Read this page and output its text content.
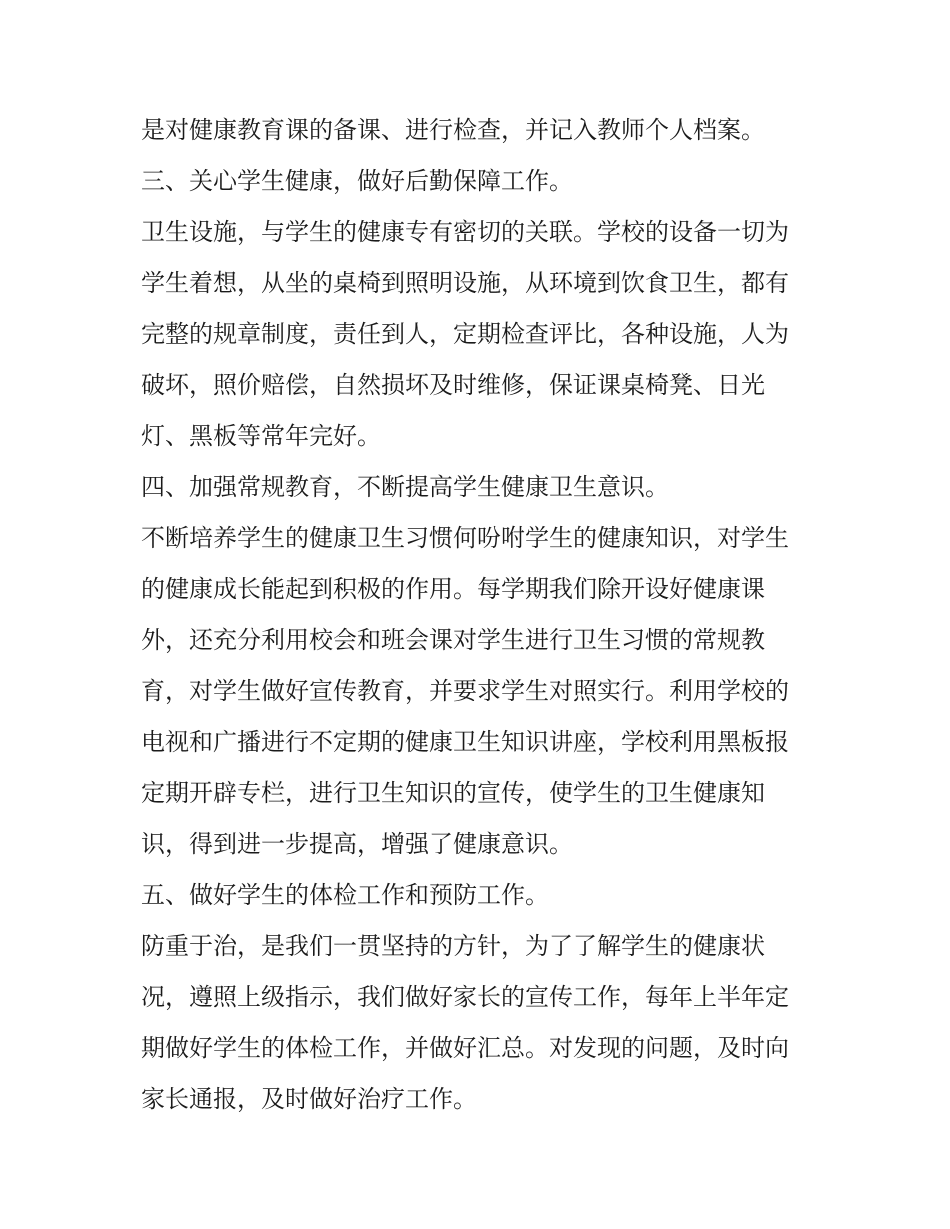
是对健康教育课的备课、进行检查，并记入教师个人档案。
三、关心学生健康，做好后勤保障工作。
卫生设施，与学生的健康专有密切的关联。学校的设备一切为
学生着想，从坐的桌椅到照明设施，从环境到饮食卫生，都有
完整的规章制度，责任到人，定期检查评比，各种设施，人为
破坏，照价赔偿，自然损坏及时维修，保证课桌椅凳、日光
灯、黑板等常年完好。
四、加强常规教育，不断提高学生健康卫生意识。
不断培养学生的健康卫生习惯何吩咐学生的健康知识，对学生
的健康成长能起到积极的作用。每学期我们除开设好健康课
外，还充分利用校会和班会课对学生进行卫生习惯的常规教
育，对学生做好宣传教育，并要求学生对照实行。利用学校的
电视和广播进行不定期的健康卫生知识讲座，学校利用黑板报
定期开辟专栏，进行卫生知识的宣传，使学生的卫生健康知
识，得到进一步提高，增强了健康意识。
五、做好学生的体检工作和预防工作。
防重于治，是我们一贯坚持的方针，为了了解学生的健康状
况，遵照上级指示，我们做好家长的宣传工作，每年上半年定
期做好学生的体检工作，并做好汇总。对发现的问题，及时向
家长通报，及时做好治疗工作。
